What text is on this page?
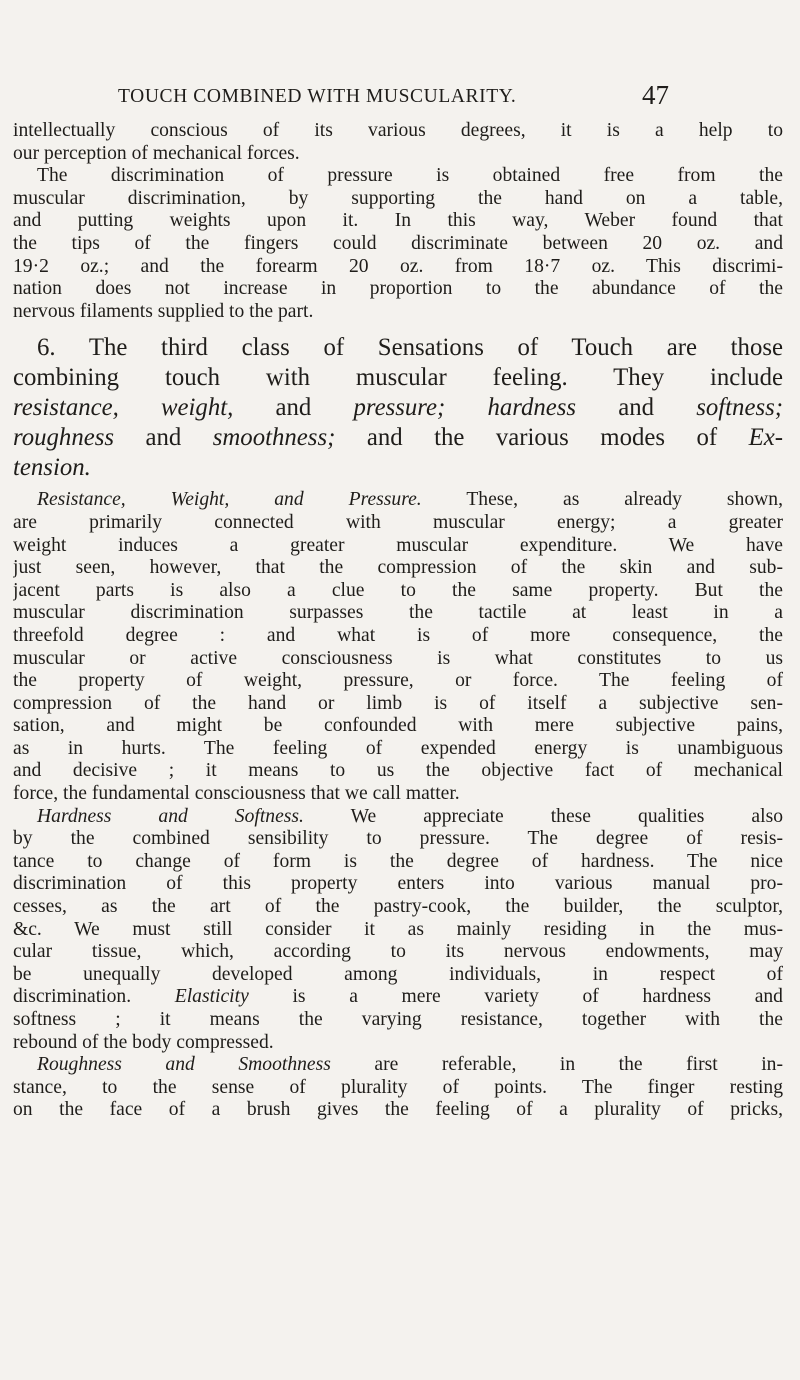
TOUCH COMBINED WITH MUSCULARITY.	47
intellectually conscious of its various degrees, it is a help to
our perception of mechanical forces.
The discrimination of pressure is obtained free from the
muscular discrimination, by supporting the hand on a table,
and putting weights upon it. In this way, Weber found that
the tips of the fingers could discriminate between 20 oz. and
19·2 oz.; and the forearm 20 oz. from 18·7 oz. This discrimi-
nation does not increase in proportion to the abundance of the
nervous filaments supplied to the part.
6. The third class of Sensations of Touch are those
combining touch with muscular feeling. They include
resistance, weight, and pressure; hardness and softness;
roughness and smoothness; and the various modes of Ex-
tension.
Resistance, Weight, and Pressure. These, as already shown,
are primarily connected with muscular energy; a greater
weight induces a greater muscular expenditure. We have
just seen, however, that the compression of the skin and sub-
jacent parts is also a clue to the same property. But the
muscular discrimination surpasses the tactile at least in a
threefold degree : and what is of more consequence, the
muscular or active consciousness is what constitutes to us
the property of weight, pressure, or force. The feeling of
compression of the hand or limb is of itself a subjective sen-
sation, and might be confounded with mere subjective pains,
as in hurts. The feeling of expended energy is unambiguous
and decisive ; it means to us the objective fact of mechanical
force, the fundamental consciousness that we call matter.
Hardness and Softness. We appreciate these qualities also
by the combined sensibility to pressure. The degree of resis-
tance to change of form is the degree of hardness. The nice
discrimination of this property enters into various manual pro-
cesses, as the art of the pastry-cook, the builder, the sculptor,
&c. We must still consider it as mainly residing in the mus-
cular tissue, which, according to its nervous endowments, may
be unequally developed among individuals, in respect of
discrimination. Elasticity is a mere variety of hardness and
softness ; it means the varying resistance, together with the
rebound of the body compressed.
Roughness and Smoothness are referable, in the first in-
stance, to the sense of plurality of points. The finger resting
on the face of a brush gives the feeling of a plurality of pricks,
